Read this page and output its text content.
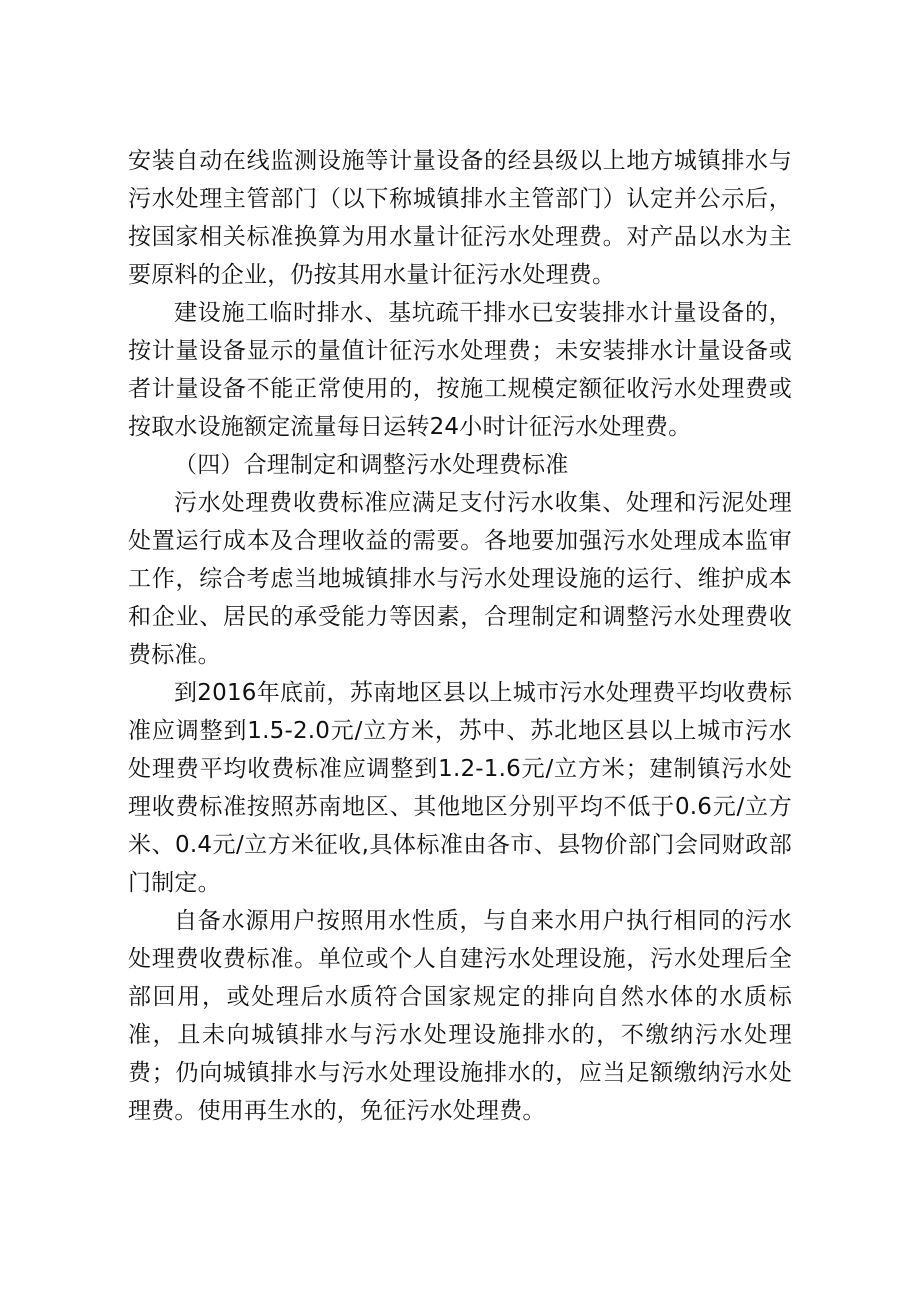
安装自动在线监测设施等计量设备的经县级以上地方城镇排水与污水处理主管部门（以下称城镇排水主管部门）认定并公示后，按国家相关标准换算为用水量计征污水处理费。对产品以水为主要原料的企业，仍按其用水量计征污水处理费。

建设施工临时排水、基坑疏干排水已安装排水计量设备的，按计量设备显示的量值计征污水处理费；未安装排水计量设备或者计量设备不能正常使用的，按施工规模定额征收污水处理费或按取水设施额定流量每日运转24小时计征污水处理费。

（四）合理制定和调整污水处理费标准

污水处理费收费标准应满足支付污水收集、处理和污泥处理处置运行成本及合理收益的需要。各地要加强污水处理成本监审工作，综合考虑当地城镇排水与污水处理设施的运行、维护成本和企业、居民的承受能力等因素，合理制定和调整污水处理费收费标准。

到2016年底前，苏南地区县以上城市污水处理费平均收费标准应调整到1.5-2.0元/立方米，苏中、苏北地区县以上城市污水处理费平均收费标准应调整到1.2-1.6元/立方米；建制镇污水处理收费标准按照苏南地区、其他地区分别平均不低于0.6元/立方米、0.4元/立方米征收,具体标准由各市、县物价部门会同财政部门制定。

自备水源用户按照用水性质，与自来水用户执行相同的污水处理费收费标准。单位或个人自建污水处理设施，污水处理后全部回用，或处理后水质符合国家规定的排向自然水体的水质标准，且未向城镇排水与污水处理设施排水的，不缴纳污水处理费；仍向城镇排水与污水处理设施排水的，应当足额缴纳污水处理费。使用再生水的，免征污水处理费。
